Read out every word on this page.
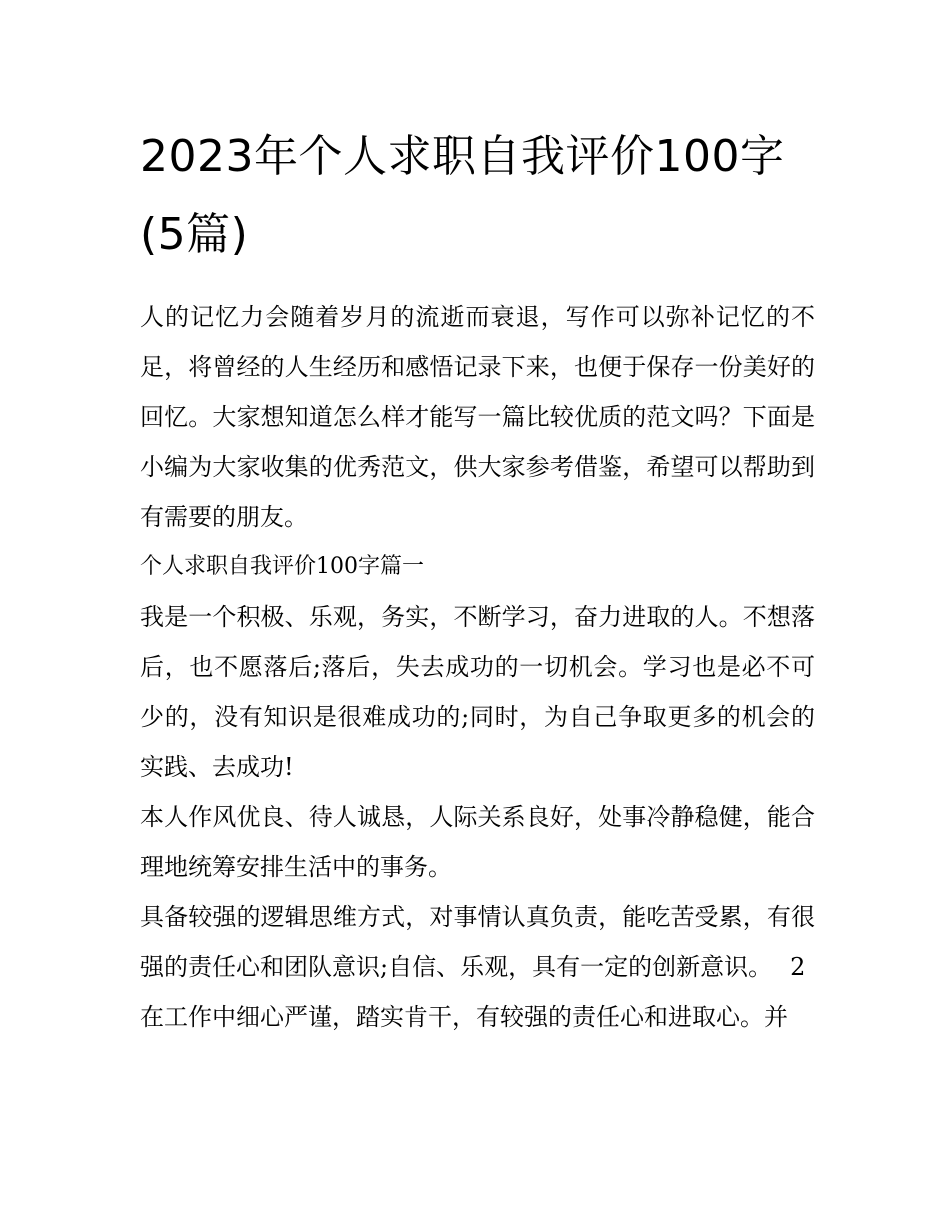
2023年个人求职自我评价100字(5篇)

人的记忆力会随着岁月的流逝而衰退，写作可以弥补记忆的不足，将曾经的人生经历和感悟记录下来，也便于保存一份美好的回忆。大家想知道怎么样才能写一篇比较优质的范文吗？下面是小编为大家收集的优秀范文，供大家参考借鉴，希望可以帮助到有需要的朋友。

个人求职自我评价100字篇一

我是一个积极、乐观，务实，不断学习，奋力进取的人。不想落后，也不愿落后;落后，失去成功的一切机会。学习也是必不可少的，没有知识是很难成功的;同时，为自己争取更多的机会的实践、去成功!

本人作风优良、待人诚恳，人际关系良好，处事冷静稳健，能合理地统筹安排生活中的事务。

具备较强的逻辑思维方式，对事情认真负责，能吃苦受累，有很强的责任心和团队意识;自信、乐观，具有一定的创新意识。 2

在工作中细心严谨，踏实肯干，有较强的责任心和进取心。并
